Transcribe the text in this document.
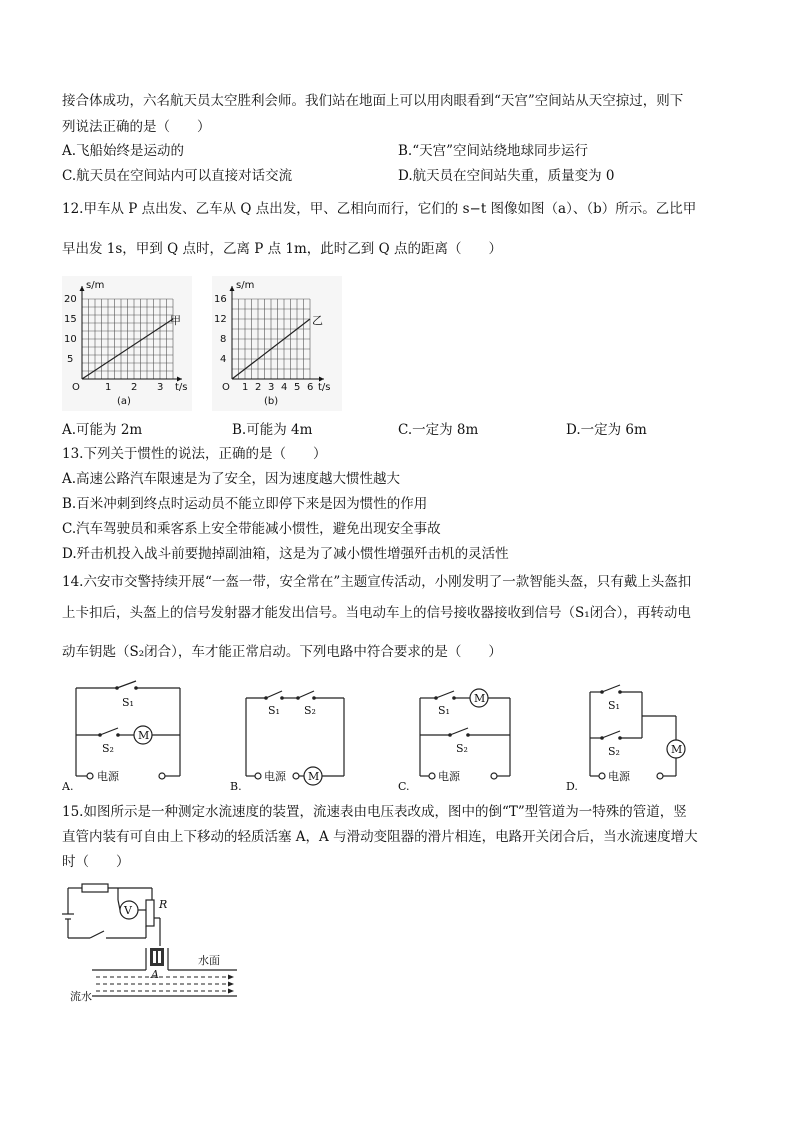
接合体成功，六名航天员太空胜利会师。我们站在地面上可以用肉眼看到“天宫”空间站从天空掠过，则下
列说法正确的是（　　）
A.飞船始终是运动的	B.“天宫”空间站绕地球同步运行
C.航天员在空间站内可以直接对话交流	D.航天员在空间站失重，质量变为 0
12.甲车从 P 点出发、乙车从 Q 点出发，甲、乙相向而行，它们的 s−t 图像如图（a）、（b）所示。乙比甲
早出发 1s，甲到 Q 点时，乙离 P 点 1m，此时乙到 Q 点的距离（　　）
s/m
t/s
O
5
10
15
20
1 2 3
甲
(a)
s/m
t/s
O
4
8
12
16
1 2 3 4 5 6
乙
(b)
A.可能为 2m	B.可能为 4m	C.一定为 8m	D.一定为 6m
13.下列关于惯性的说法，正确的是（　　）
A.高速公路汽车限速是为了安全，因为速度越大惯性越大
B.百米冲刺到终点时运动员不能立即停下来是因为惯性的作用
C.汽车驾驶员和乘客系上安全带能减小惯性，避免出现安全事故
D.歼击机投入战斗前要抛掉副油箱，这是为了减小惯性增强歼击机的灵活性
14.六安市交警持续开展“一盔一带，安全常在”主题宣传活动，小刚发明了一款智能头盔，只有戴上头盔扣
上卡扣后，头盔上的信号发射器才能发出信号。当电动车上的信号接收器接收到信号（S₁闭合），再转动电
动车钥匙（S₂闭合），车才能正常启动。下列电路中符合要求的是（　　）
M
S₁
S₂
电源
A.
S₁ S₂
电源 M
B.
M
S₁
S₂
电源
C.
S₁
S₂	M
电源
D.
15.如图所示是一种测定水流速度的装置，流速表由电压表改成，图中的倒“T”型管道为一特殊的管道，竖
直管内装有可自由上下移动的轻质活塞 A，A 与滑动变阻器的滑片相连，电路开关闭合后，当水流速度增大
时（　　）
V R
A
水面
流水
